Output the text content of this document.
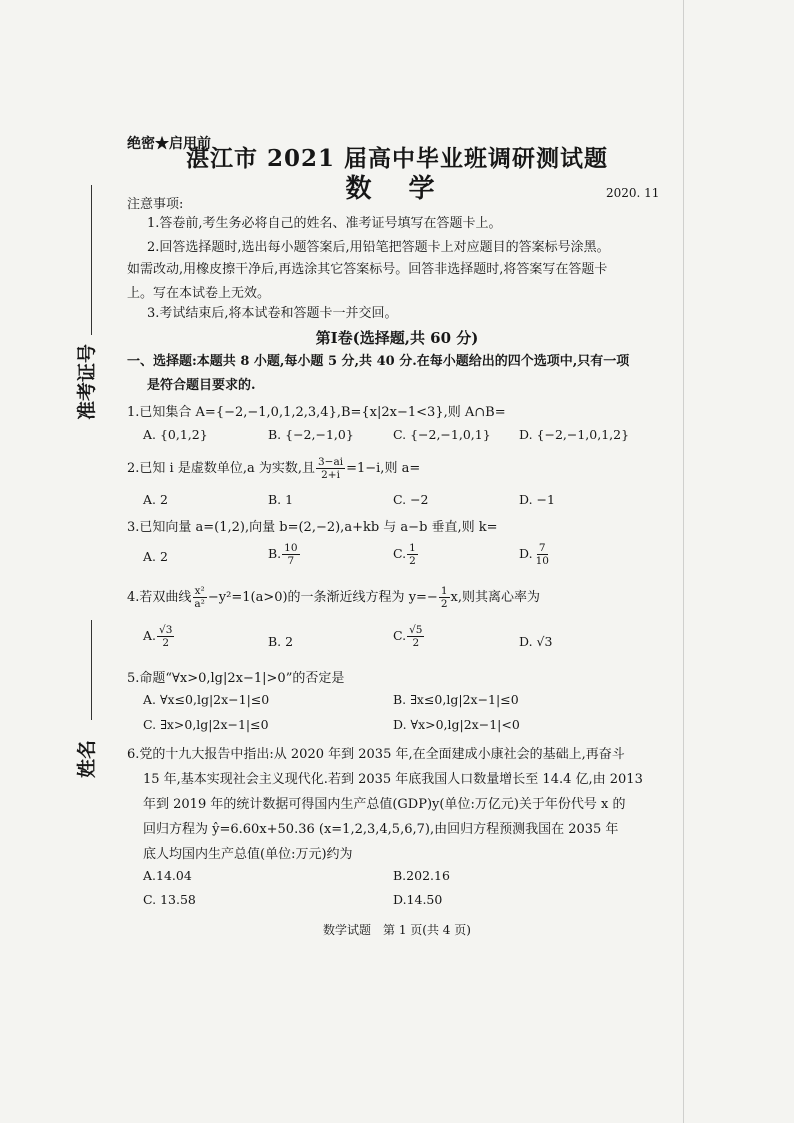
准考证号
姓名
绝密★启用前
湛江市 2021 届高中毕业班调研测试题
数 学	2020. 11
注意事项:
1.答卷前,考生务必将自己的姓名、准考证号填写在答题卡上。
2.回答选择题时,选出每小题答案后,用铅笔把答题卡上对应题目的答案标号涂黑。
如需改动,用橡皮擦干净后,再选涂其它答案标号。回答非选择题时,将答案写在答题卡
上。写在本试卷上无效。
3.考试结束后,将本试卷和答题卡一并交回。
第Ⅰ卷(选择题,共 60 分)
一、选择题:本题共 8 小题,每小题 5 分,共 40 分.在每小题给出的四个选项中,只有一项
是符合题目要求的.
1.已知集合 A={−2,−1,0,1,2,3,4},B={x|2x−1<3},则 A∩B=
A. {0,1,2}	B. {−2,−1,0}	C. {−2,−1,0,1} D. {−2,−1,0,1,2}
2.已知 i 是虚数单位,a 为实数,且 $\frac{3-ai}{2+i} =1-i$,则 a=
A. 2	B. 1	C. −2	D. −1
3.已知向量 a=(1,2),向量 b=(2,−2),a+kb 与 a−b 垂直,则 k=
A. 2	B. $\frac{10}{7}$	C. $\frac{1}{2}$	D. $\frac{7}{10}$
4.若双曲线 $\frac{\text{x²}}{\text{a²}} -y^2=1(a>0)$的一条渐近线方程为 $y=- \frac{1}{2} x$,则其离心率为
A. $\frac{√3}{2}$	B. 2	C. $\frac{√5}{2}$	D. √3
5.命题“∀x>0,lg|2x−1|>0”的否定是
A. ∀x≤0,lg|2x−1|≤0	B. ∃x≤0,lg|2x−1|≤0
C. ∃x>0,lg|2x−1|≤0	D. ∀x>0,lg|2x−1|<0
6.党的十九大报告中指出:从 2020 年到 2035 年,在全面建成小康社会的基础上,再奋斗
15 年,基本实现社会主义现代化.若到 2035 年底我国人口数量增长至 14.4 亿,由 2013
年到 2019 年的统计数据可得国内生产总值(GDP)y(单位:万亿元)关于年份代号 x 的
回归方程为 ŷ=6.60x+50.36 (x=1,2,3,4,5,6,7),由回归方程预测我国在 2035 年
底人均国内生产总值(单位:万元)约为
A.14.04	B.202.16
C. 13.58	D.14.50
数学试题　第 1 页(共 4 页)
